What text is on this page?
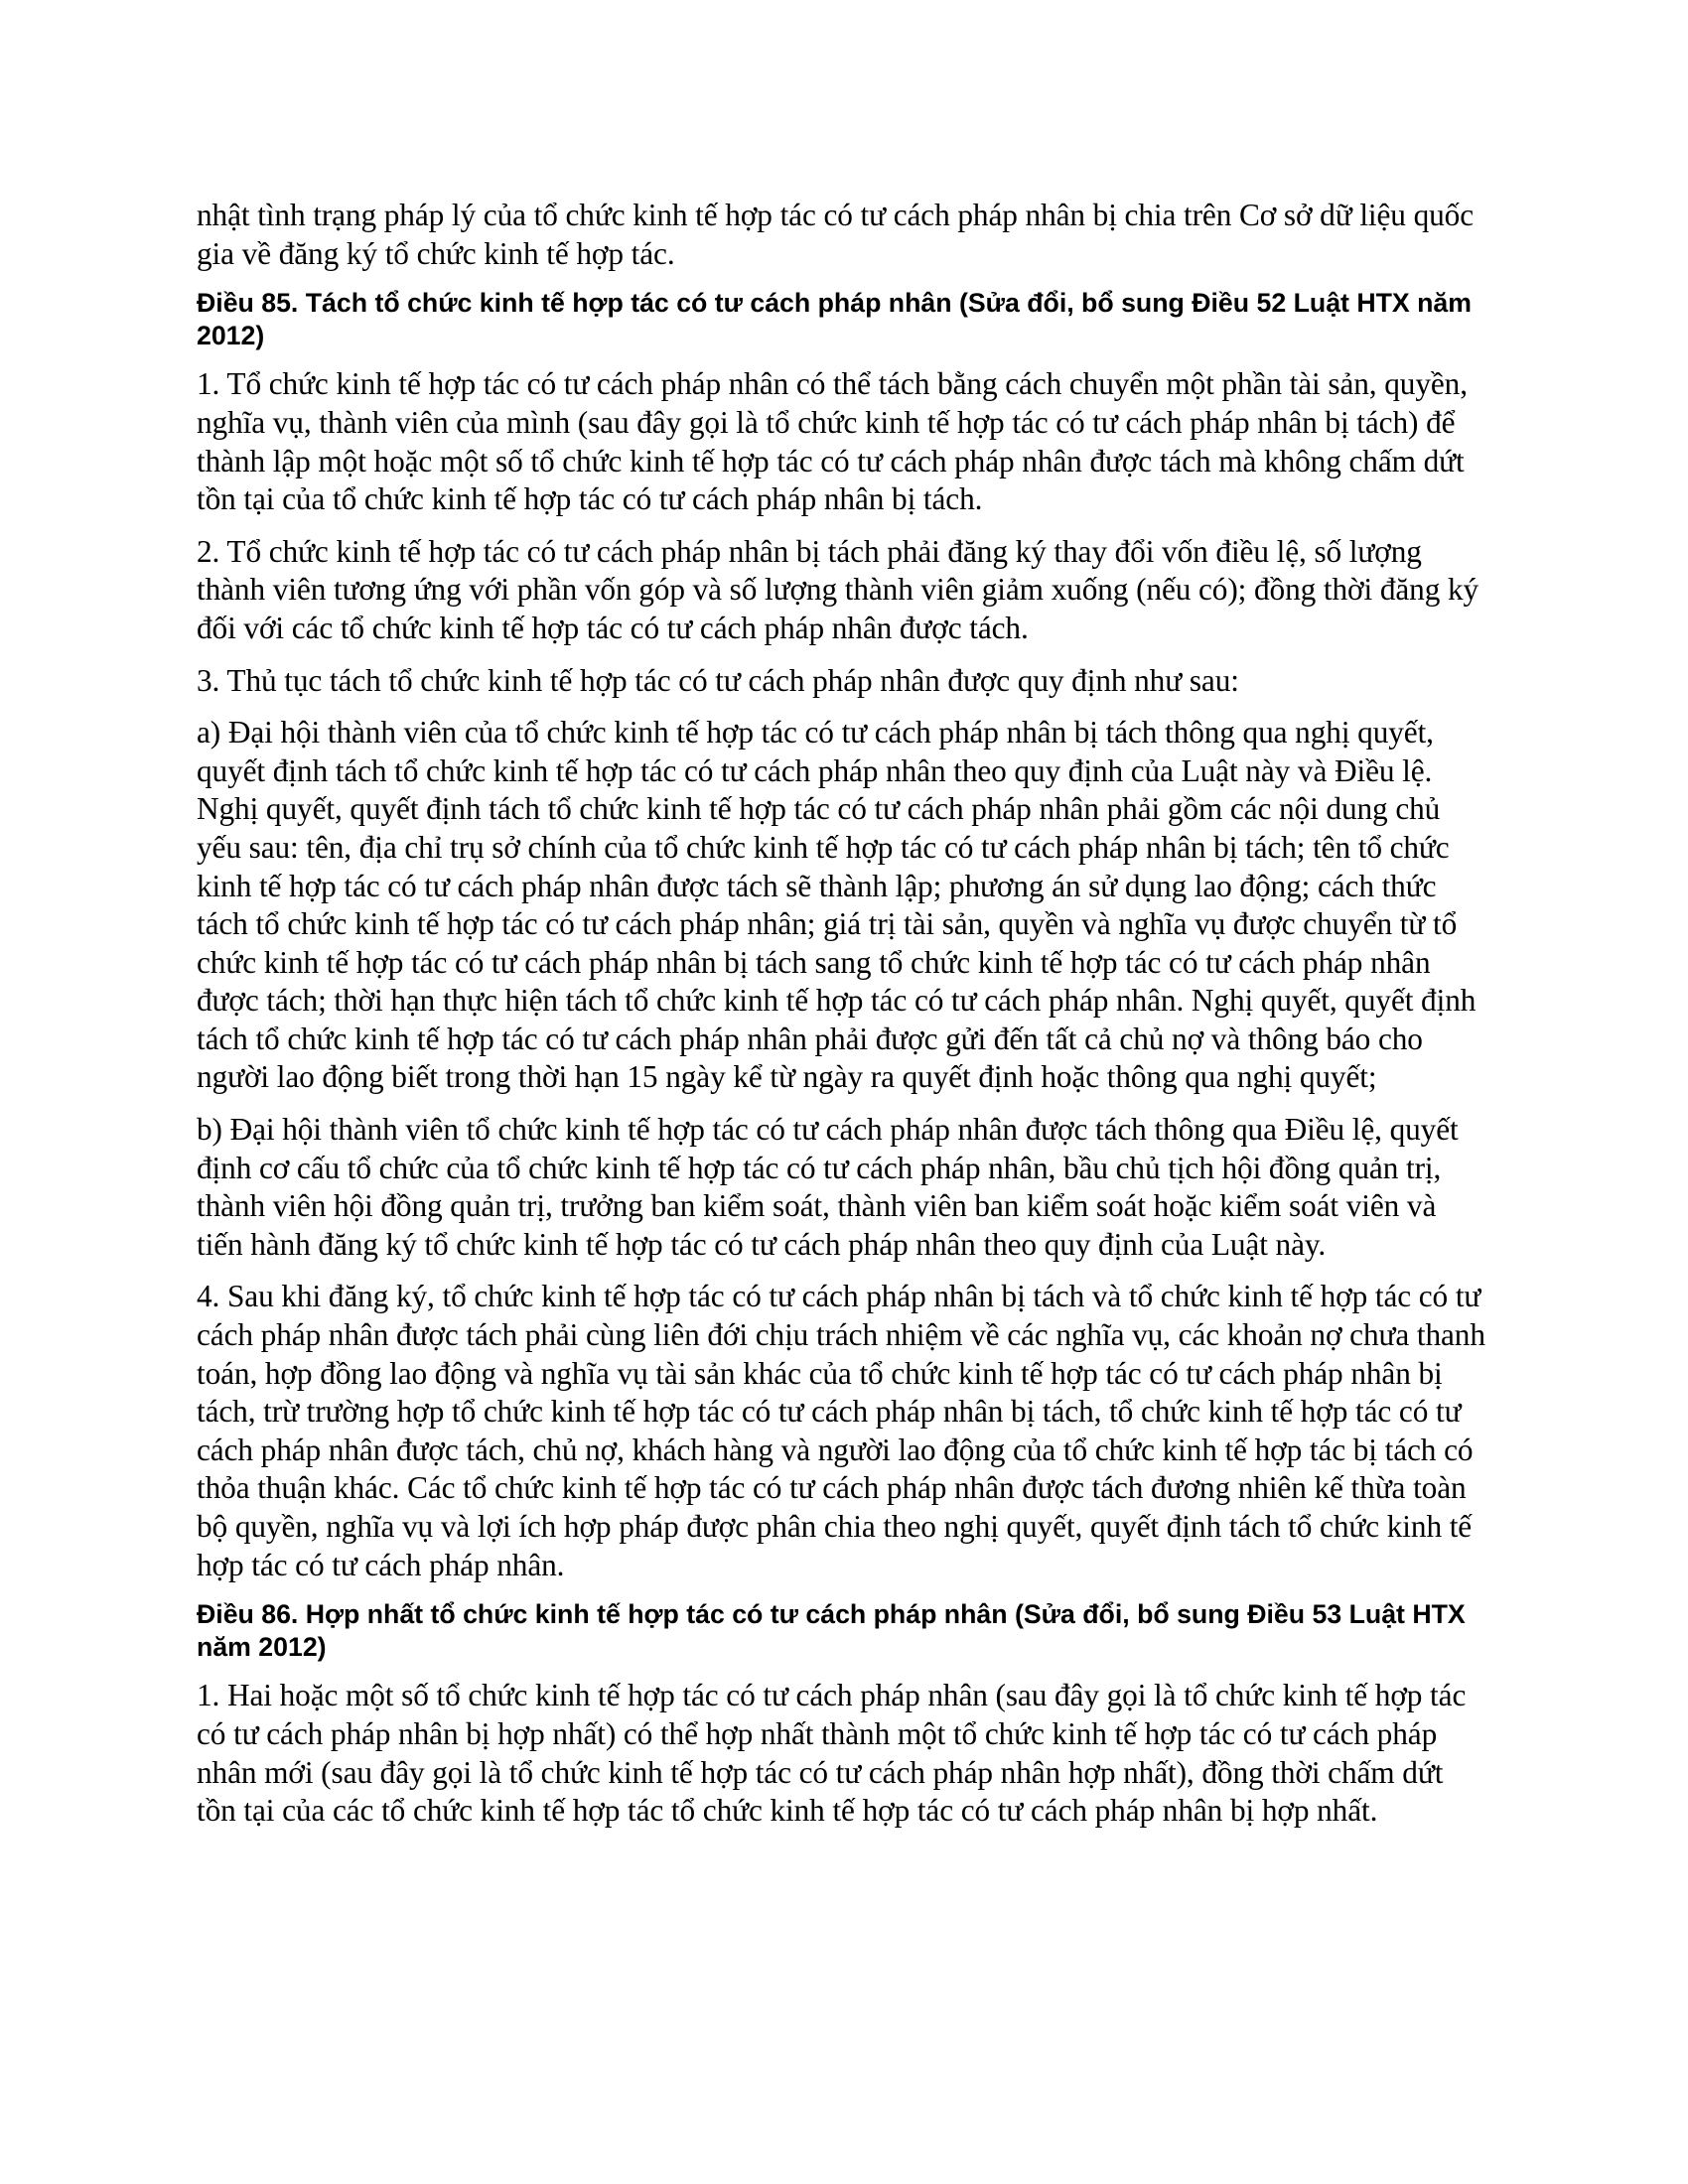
nhật tình trạng pháp lý của tổ chức kinh tế hợp tác có tư cách pháp nhân bị chia trên Cơ sở dữ liệu quốc gia về đăng ký tổ chức kinh tế hợp tác.

Điều 85. Tách tổ chức kinh tế hợp tác có tư cách pháp nhân (Sửa đổi, bổ sung Điều 52 Luật HTX năm 2012)

1. Tổ chức kinh tế hợp tác có tư cách pháp nhân có thể tách bằng cách chuyển một phần tài sản, quyền, nghĩa vụ, thành viên của mình (sau đây gọi là tổ chức kinh tế hợp tác có tư cách pháp nhân bị tách) để thành lập một hoặc một số tổ chức kinh tế hợp tác có tư cách pháp nhân được tách mà không chấm dứt tồn tại của tổ chức kinh tế hợp tác có tư cách pháp nhân bị tách.

2. Tổ chức kinh tế hợp tác có tư cách pháp nhân bị tách phải đăng ký thay đổi vốn điều lệ, số lượng thành viên tương ứng với phần vốn góp và số lượng thành viên giảm xuống (nếu có); đồng thời đăng ký đối với các tổ chức kinh tế hợp tác có tư cách pháp nhân được tách.

3. Thủ tục tách tổ chức kinh tế hợp tác có tư cách pháp nhân được quy định như sau:

a) Đại hội thành viên của tổ chức kinh tế hợp tác có tư cách pháp nhân bị tách thông qua nghị quyết, quyết định tách tổ chức kinh tế hợp tác có tư cách pháp nhân theo quy định của Luật này và Điều lệ. Nghị quyết, quyết định tách tổ chức kinh tế hợp tác có tư cách pháp nhân phải gồm các nội dung chủ yếu sau: tên, địa chỉ trụ sở chính của tổ chức kinh tế hợp tác có tư cách pháp nhân bị tách; tên tổ chức kinh tế hợp tác có tư cách pháp nhân được tách sẽ thành lập; phương án sử dụng lao động; cách thức tách tổ chức kinh tế hợp tác có tư cách pháp nhân; giá trị tài sản, quyền và nghĩa vụ được chuyển từ tổ chức kinh tế hợp tác có tư cách pháp nhân bị tách sang tổ chức kinh tế hợp tác có tư cách pháp nhân được tách; thời hạn thực hiện tách tổ chức kinh tế hợp tác có tư cách pháp nhân. Nghị quyết, quyết định tách tổ chức kinh tế hợp tác có tư cách pháp nhân phải được gửi đến tất cả chủ nợ và thông báo cho người lao động biết trong thời hạn 15 ngày kể từ ngày ra quyết định hoặc thông qua nghị quyết;

b) Đại hội thành viên tổ chức kinh tế hợp tác có tư cách pháp nhân được tách thông qua Điều lệ, quyết định cơ cấu tổ chức của tổ chức kinh tế hợp tác có tư cách pháp nhân, bầu chủ tịch hội đồng quản trị, thành viên hội đồng quản trị, trưởng ban kiểm soát, thành viên ban kiểm soát hoặc kiểm soát viên và tiến hành đăng ký tổ chức kinh tế hợp tác có tư cách pháp nhân theo quy định của Luật này.

4. Sau khi đăng ký, tổ chức kinh tế hợp tác có tư cách pháp nhân bị tách và tổ chức kinh tế hợp tác có tư cách pháp nhân được tách phải cùng liên đới chịu trách nhiệm về các nghĩa vụ, các khoản nợ chưa thanh toán, hợp đồng lao động và nghĩa vụ tài sản khác của tổ chức kinh tế hợp tác có tư cách pháp nhân bị tách, trừ trường hợp tổ chức kinh tế hợp tác có tư cách pháp nhân bị tách, tổ chức kinh tế hợp tác có tư cách pháp nhân được tách, chủ nợ, khách hàng và người lao động của tổ chức kinh tế hợp tác bị tách có thỏa thuận khác. Các tổ chức kinh tế hợp tác có tư cách pháp nhân được tách đương nhiên kế thừa toàn bộ quyền, nghĩa vụ và lợi ích hợp pháp được phân chia theo nghị quyết, quyết định tách tổ chức kinh tế hợp tác có tư cách pháp nhân.

Điều 86. Hợp nhất tổ chức kinh tế hợp tác có tư cách pháp nhân (Sửa đổi, bổ sung Điều 53 Luật HTX năm 2012)

1. Hai hoặc một số tổ chức kinh tế hợp tác có tư cách pháp nhân (sau đây gọi là tổ chức kinh tế hợp tác có tư cách pháp nhân bị hợp nhất) có thể hợp nhất thành một tổ chức kinh tế hợp tác có tư cách pháp nhân mới (sau đây gọi là tổ chức kinh tế hợp tác có tư cách pháp nhân hợp nhất), đồng thời chấm dứt tồn tại của các tổ chức kinh tế hợp tác tổ chức kinh tế hợp tác có tư cách pháp nhân bị hợp nhất.
